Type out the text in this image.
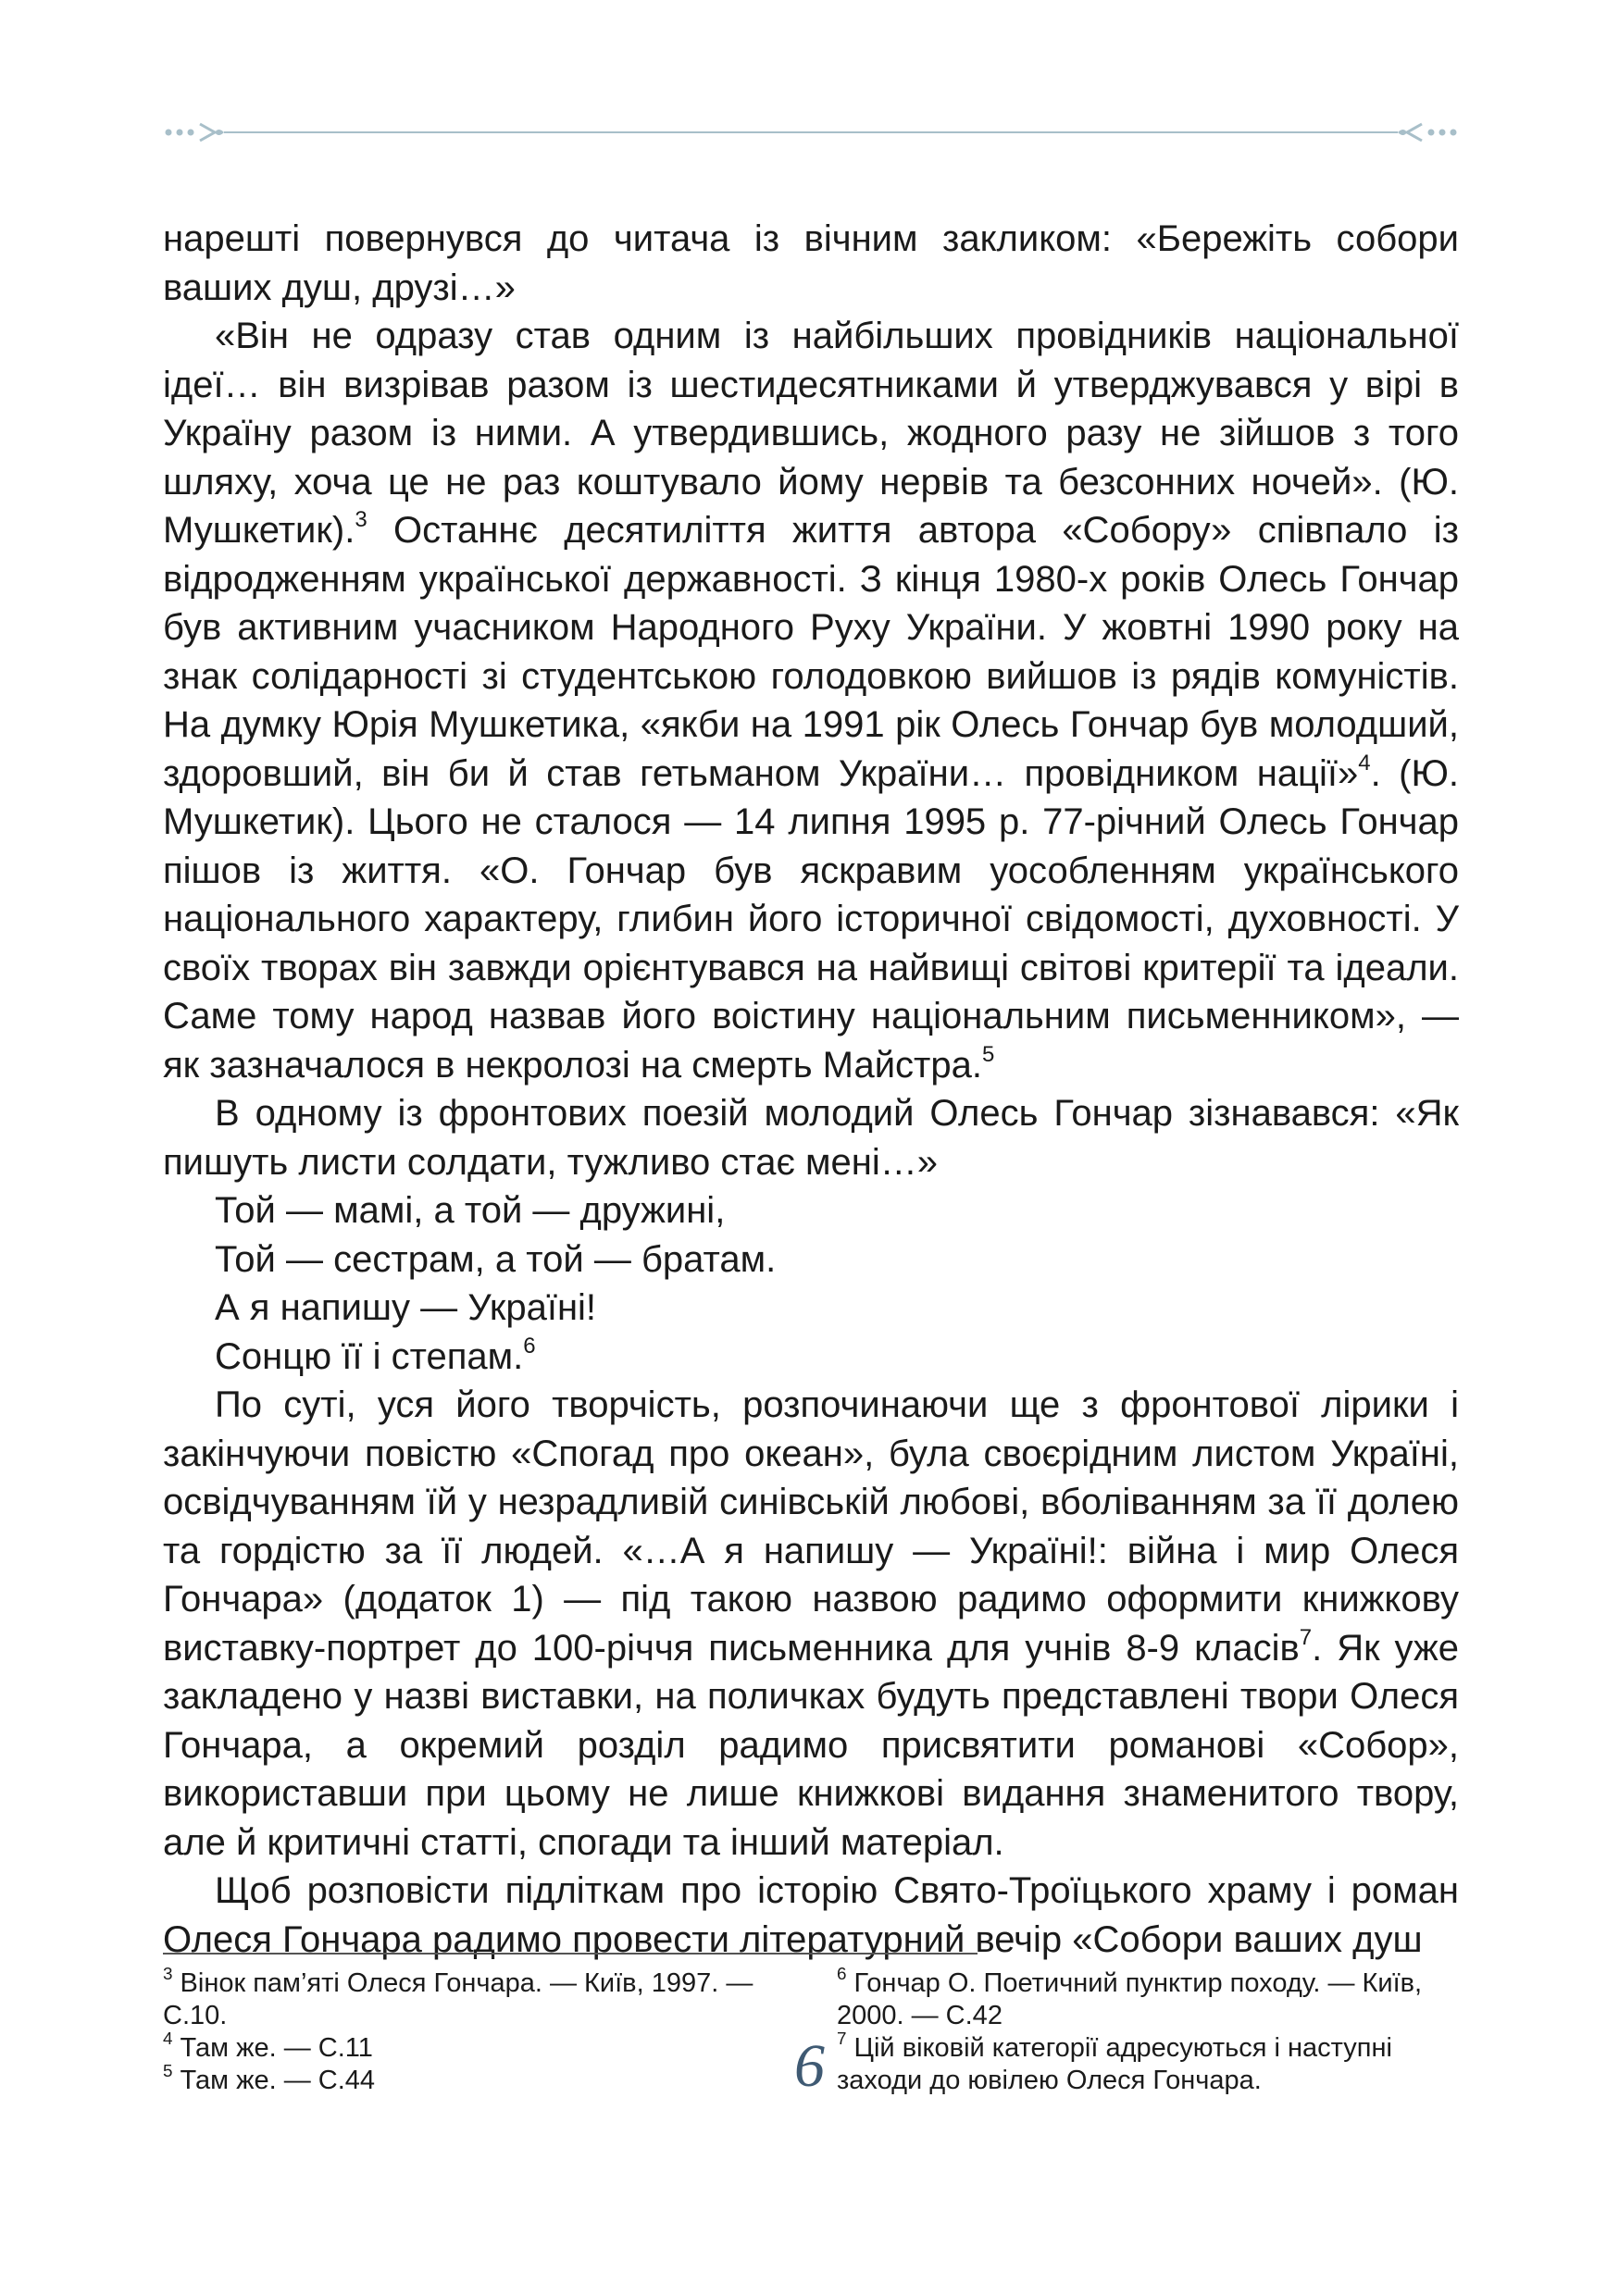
нарешті повернувся до читача із вічним закликом: «Бережіть собори ваших душ, друзі…»

«Він не одразу став одним із найбільших провідників національної ідеї… він визрівав разом із шестидесятниками й утверджувався у вірі в Україну разом із ними. А утвердившись, жодного разу не зійшов з того шляху, хоча це не раз коштувало йому нервів та безсонних ночей». (Ю. Мушкетик).$^3$ Останнє десятиліття життя автора «Собору» співпало із відродженням української державності. З кінця 1980-х років Олесь Гончар був активним учасником Народного Руху України. У жовтні 1990 року на знак солідарності зі студентською голодовкою вийшов із рядів комуністів. На думку Юрія Мушкетика, «якби на 1991 рік Олесь Гончар був молодший, здоровший, він би й став гетьманом України… провідником нації»$^4$. (Ю. Мушкетик). Цього не сталося — 14 липня 1995 р. 77-річний Олесь Гончар пішов із життя. «О. Гончар був яскравим уособленням українського національного характеру, глибин його історичної свідомості, духовності. У своїх творах він завжди орієнтувався на найвищі світові критерії та ідеали. Саме тому народ назвав його воістину національним письменником», — як зазначалося в некролозі на смерть Майстра.$^5$

В одному із фронтових поезій молодий Олесь Гончар зізнавався: «Як пишуть листи солдати, тужливо стає мені…»

Той — мамі, а той — дружині,
Той — сестрам, а той — братам.
А я напишу — Україні!
Сонцю її і степам.$^6$

По суті, уся його творчість, розпочинаючи ще з фронтової лірики і закінчуючи повістю «Спогад про океан», була своєрідним листом Україні, освідчуванням їй у незрадливій синівській любові, вболіванням за її долею та гордістю за її людей. «…А я напишу — Україні!: війна і мир Олеся Гончара» (додаток 1) — під такою назвою радимо оформити книжкову виставку-портрет до 100-річчя письменника для учнів 8-9 класів$^7$. Як уже закладено у назві виставки, на поличках будуть представлені твори Олеся Гончара, а окремий розділ радимо присвятити романові «Собор», використавши при цьому не лише книжкові видання знаменитого твору, але й критичні статті, спогади та інший матеріал.

Щоб розповісти підліткам про історію Свято-Троїцького храму і роман Олеся Гончара радимо провести літературний вечір «Собори ваших душ

$^3$ Вінок пам’яті Олеся Гончара. — Київ, 1997. — С.10.
$^4$ Там же. — С.11
$^5$ Там же. — С.44
$^6$ Гончар О. Поетичний пунктир походу. — Київ, 2000. — С.42
$^7$ Цій віковій категорії адресуються і наступні заходи до ювілею Олеся Гончара.
6
